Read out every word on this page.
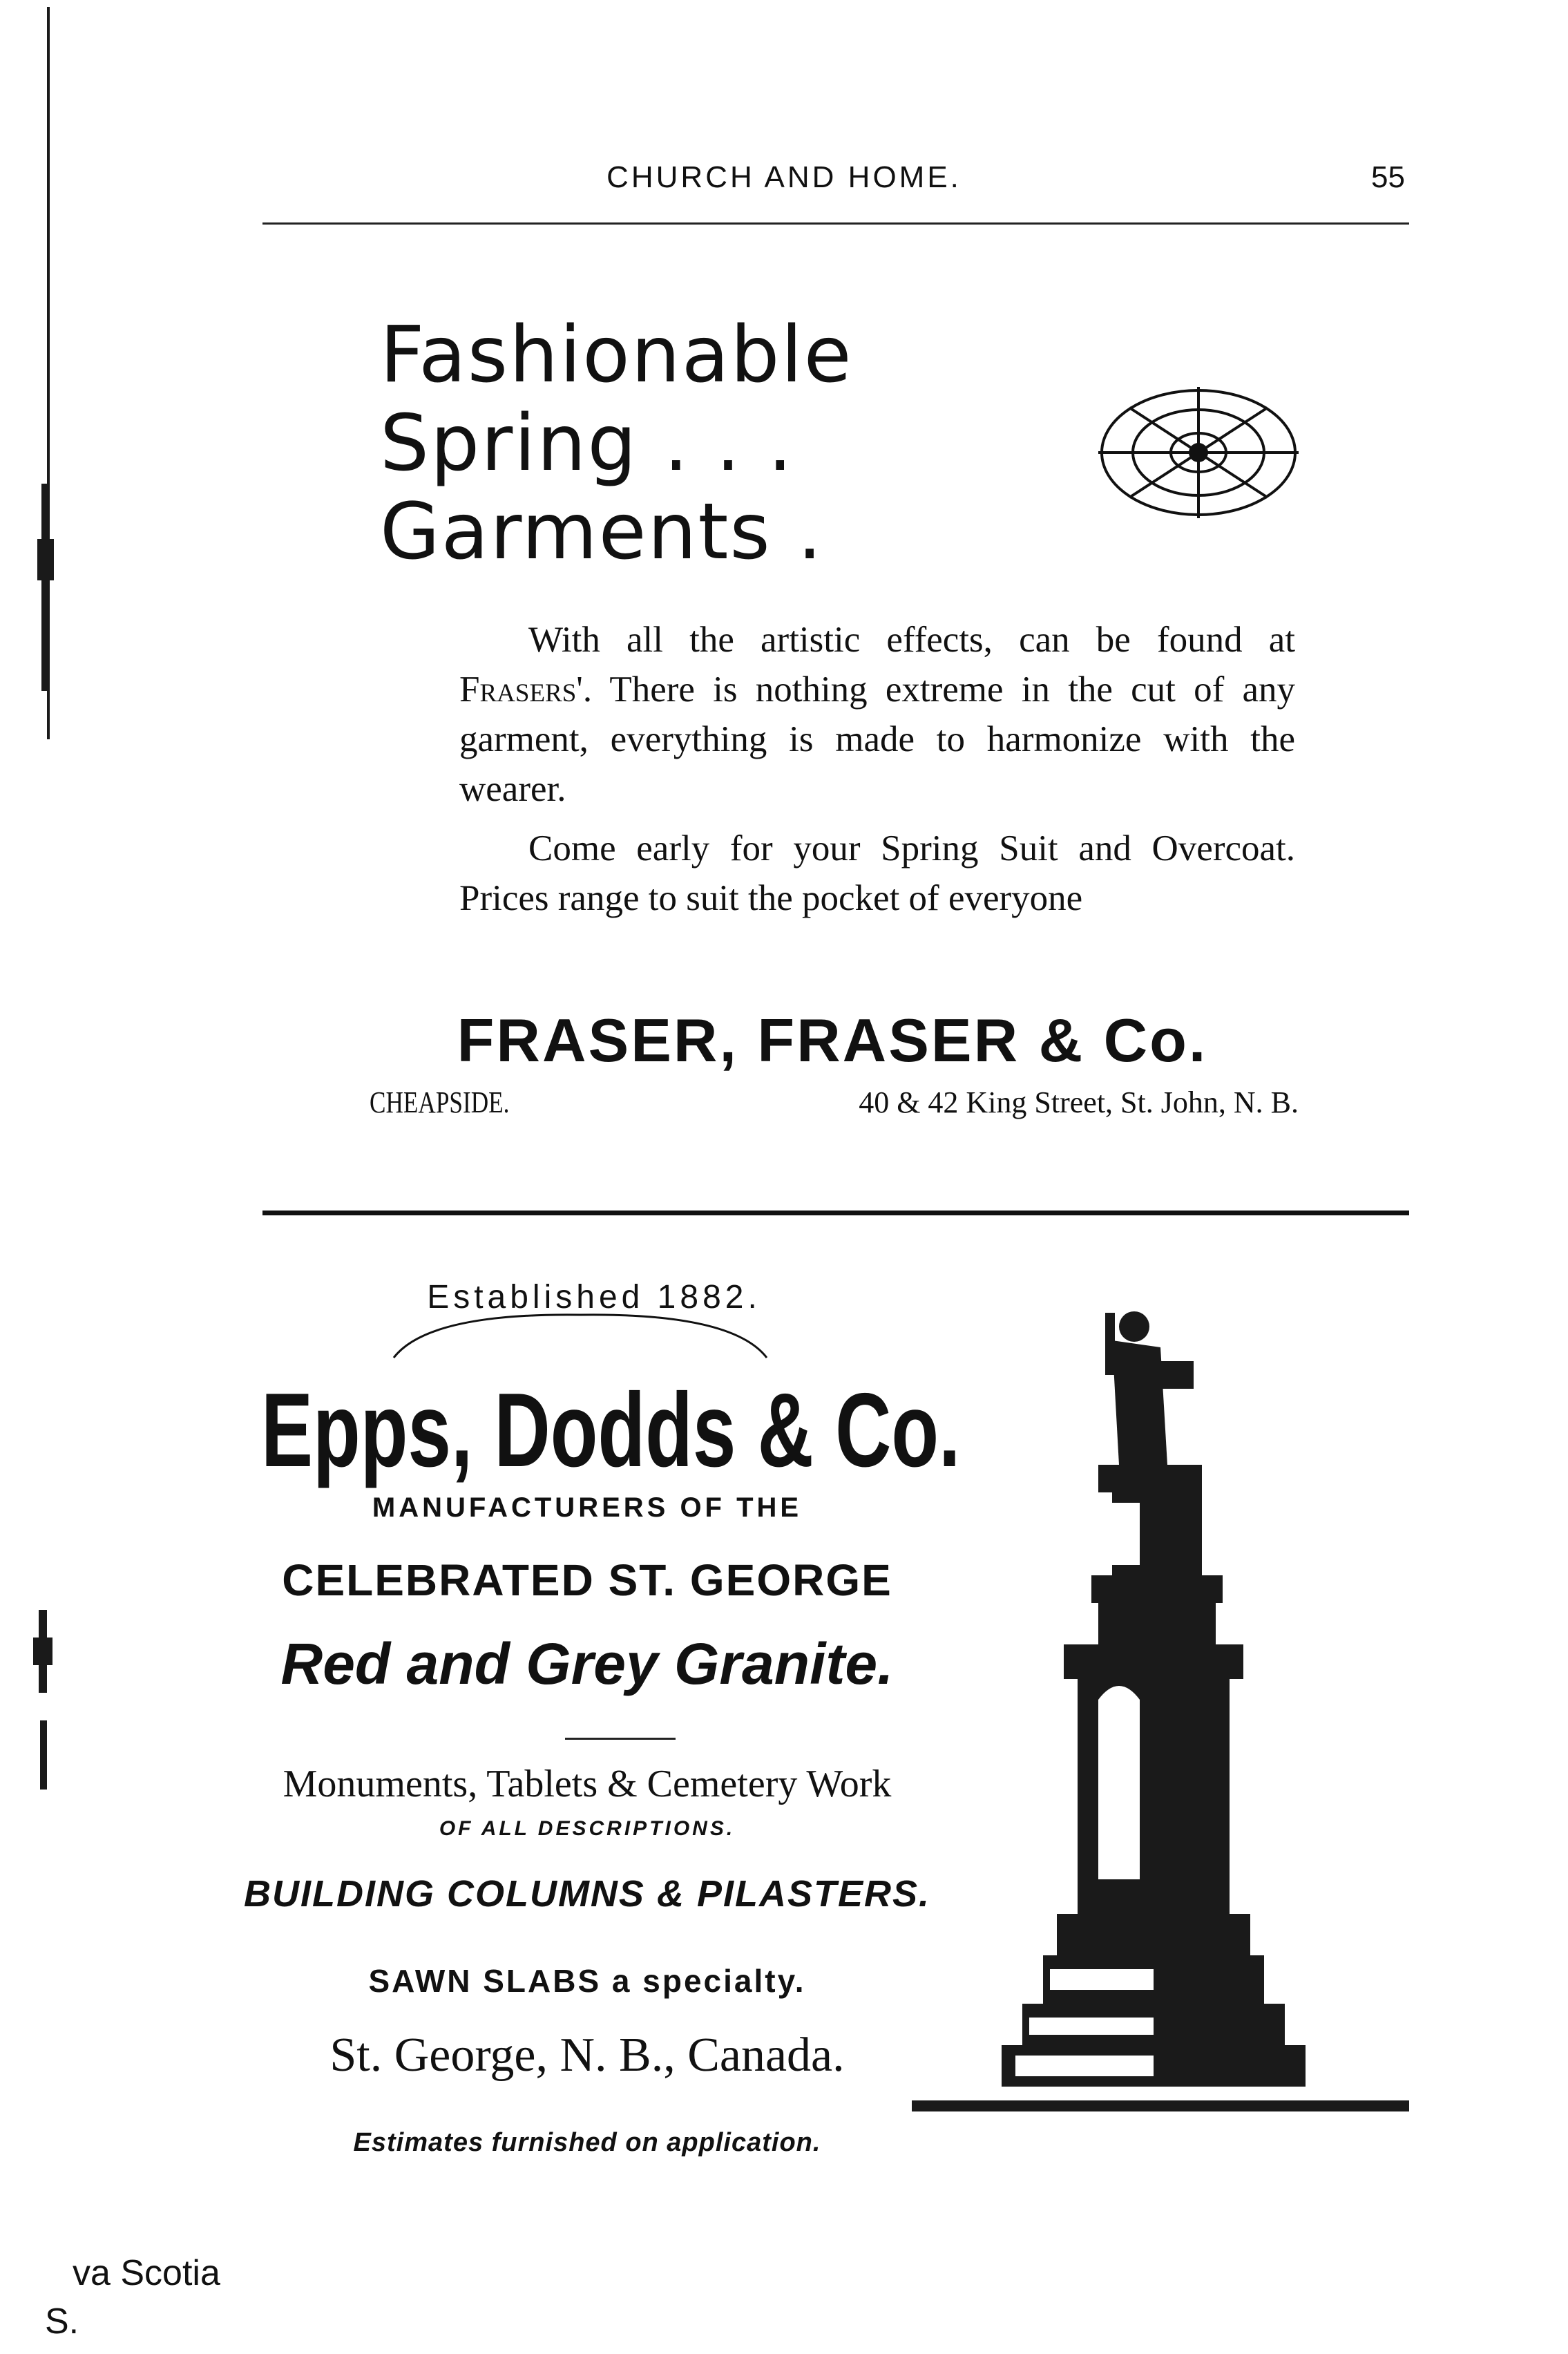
CHURCH AND HOME.	55
Fashionable
Spring . . .
Garments .

With all the artistic effects, can be found at Frasers'. There is nothing extreme in the cut of any garment, everything is made to harmonize with the wearer.

Come early for your Spring Suit and Overcoat. Prices range to suit the pocket of everyone

FRASER, FRASER & Co.
CHEAPSIDE.	40 & 42 King Street, St. John, N. B.
Established 1882.
Epps, Dodds & Co.
MANUFACTURERS OF THE
CELEBRATED ST. GEORGE
Red and Grey Granite.
Monuments, Tablets & Cemetery Work
OF ALL DESCRIPTIONS.
BUILDING COLUMNS & PILASTERS.
SAWN SLABS a specialty.
St. George, N. B., Canada.
Estimates furnished on application.
va Scotia
S.
